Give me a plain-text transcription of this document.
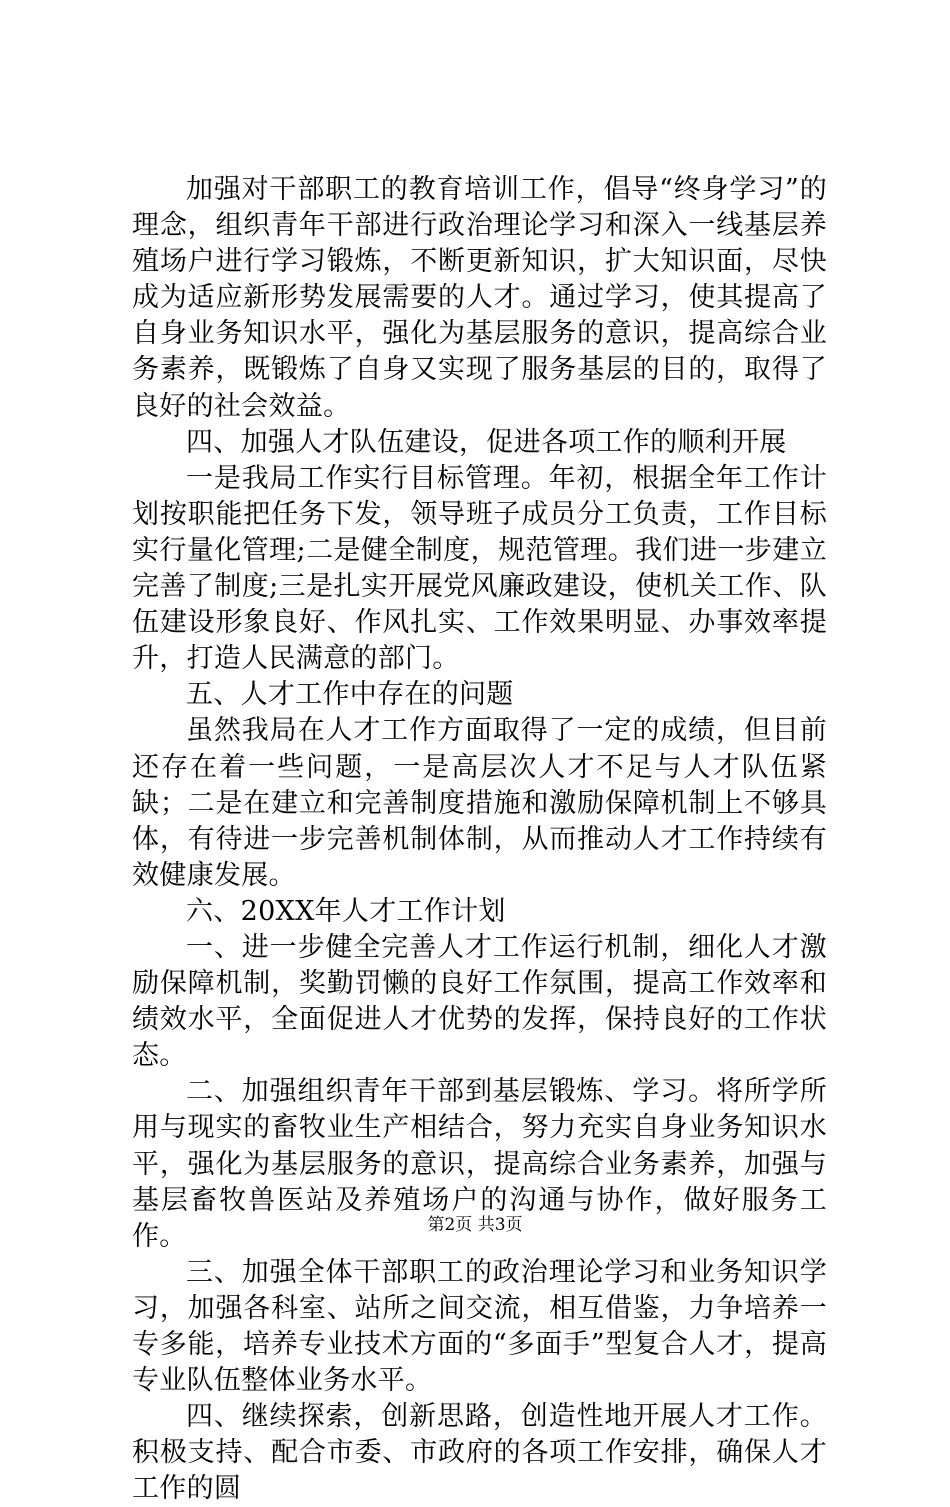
加强对干部职工的教育培训工作，倡导“终身学习”的理念，组织青年干部进行政治理论学习和深入一线基层养殖场户进行学习锻炼，不断更新知识，扩大知识面，尽快成为适应新形势发展需要的人才。通过学习，使其提高了自身业务知识水平，强化为基层服务的意识，提高综合业务素养，既锻炼了自身又实现了服务基层的目的，取得了良好的社会效益。

四、加强人才队伍建设，促进各项工作的顺利开展

一是我局工作实行目标管理。年初，根据全年工作计划按职能把任务下发，领导班子成员分工负责，工作目标实行量化管理;二是健全制度，规范管理。我们进一步建立完善了制度;三是扎实开展党风廉政建设，使机关工作、队伍建设形象良好、作风扎实、工作效果明显、办事效率提升，打造人民满意的部门。

五、人才工作中存在的问题

虽然我局在人才工作方面取得了一定的成绩，但目前还存在着一些问题，一是高层次人才不足与人才队伍紧缺；二是在建立和完善制度措施和激励保障机制上不够具体，有待进一步完善机制体制，从而推动人才工作持续有效健康发展。

六、20XX年人才工作计划

一、进一步健全完善人才工作运行机制，细化人才激励保障机制，奖勤罚懒的良好工作氛围，提高工作效率和绩效水平，全面促进人才优势的发挥，保持良好的工作状态。

二、加强组织青年干部到基层锻炼、学习。将所学所用与现实的畜牧业生产相结合，努力充实自身业务知识水平，强化为基层服务的意识，提高综合业务素养，加强与基层畜牧兽医站及养殖场户的沟通与协作，做好服务工作。

三、加强全体干部职工的政治理论学习和业务知识学习，加强各科室、站所之间交流，相互借鉴，力争培养一专多能，培养专业技术方面的“多面手”型复合人才，提高专业队伍整体业务水平。

四、继续探索，创新思路，创造性地开展人才工作。积极支持、配合市委、市政府的各项工作安排，确保人才工作的圆

第2页 共3页
